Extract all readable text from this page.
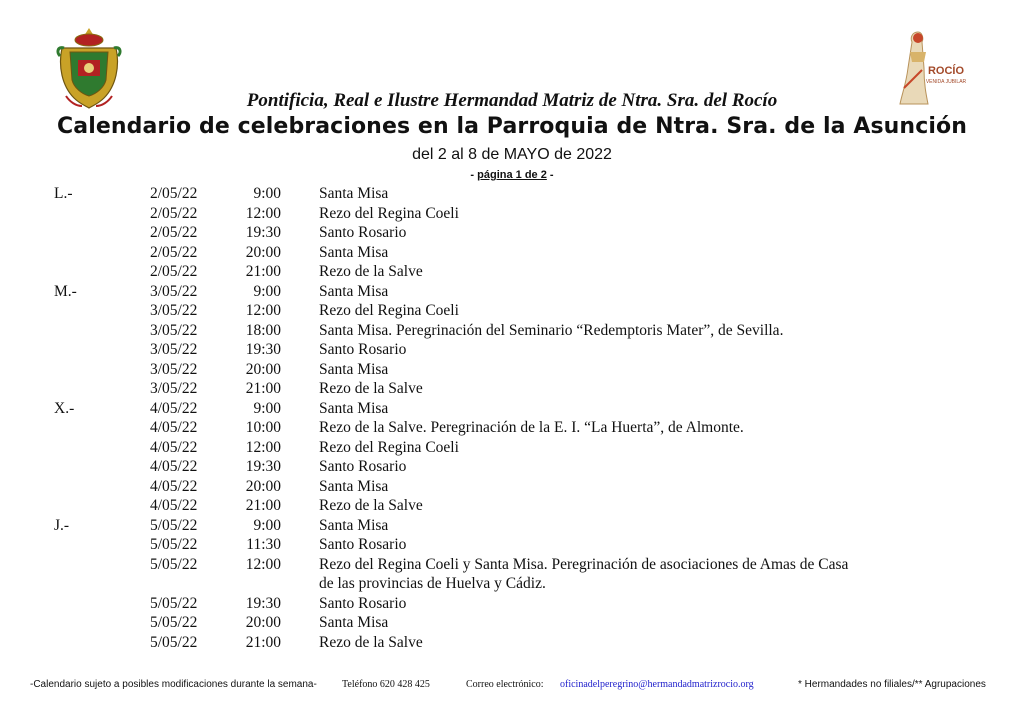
ROCÍO
VENIDA JUBILAR
Pontificia, Real e Ilustre Hermandad Matriz de Ntra. Sra. del Rocío
Calendario de celebraciones en la Parroquia de Ntra. Sra. de la Asunción
del 2 al 8 de MAYO de 2022
- página 1 de 2 -
L.-	2/05/22	9:00 Santa Misa
2/05/22	12:00 Rezo del Regina Coeli
2/05/22	19:30 Santo Rosario
2/05/22	20:00 Santa Misa
2/05/22	21:00 Rezo de la Salve
M.-	3/05/22	9:00 Santa Misa
3/05/22	12:00 Rezo del Regina Coeli
3/05/22	18:00 Santa Misa. Peregrinación del Seminario “Redemptoris Mater”, de Sevilla.
3/05/22	19:30 Santo Rosario
3/05/22	20:00 Santa Misa
3/05/22	21:00 Rezo de la Salve
X.-	4/05/22	9:00 Santa Misa
4/05/22	10:00 Rezo de la Salve. Peregrinación de la E. I. “La Huerta”, de Almonte.
4/05/22	12:00 Rezo del Regina Coeli
4/05/22	19:30 Santo Rosario
4/05/22	20:00 Santa Misa
4/05/22	21:00 Rezo de la Salve
J.-	5/05/22	9:00 Santa Misa
5/05/22	11:30 Santo Rosario
5/05/22	12:00 Rezo del Regina Coeli y Santa Misa. Peregrinación de asociaciones de Amas de Casa
de las provincias de Huelva y Cádiz.
5/05/22	19:30 Santo Rosario
5/05/22	20:00 Santa Misa
5/05/22	21:00 Rezo de la Salve
-Calendario sujeto a posibles modificaciones durante la semana-	Teléfono 620 428 425	Correo electrónico: oficinadelperegrino@hermandadmatrizrocio.org	* Hermandades no filiales/** Agrupaciones
